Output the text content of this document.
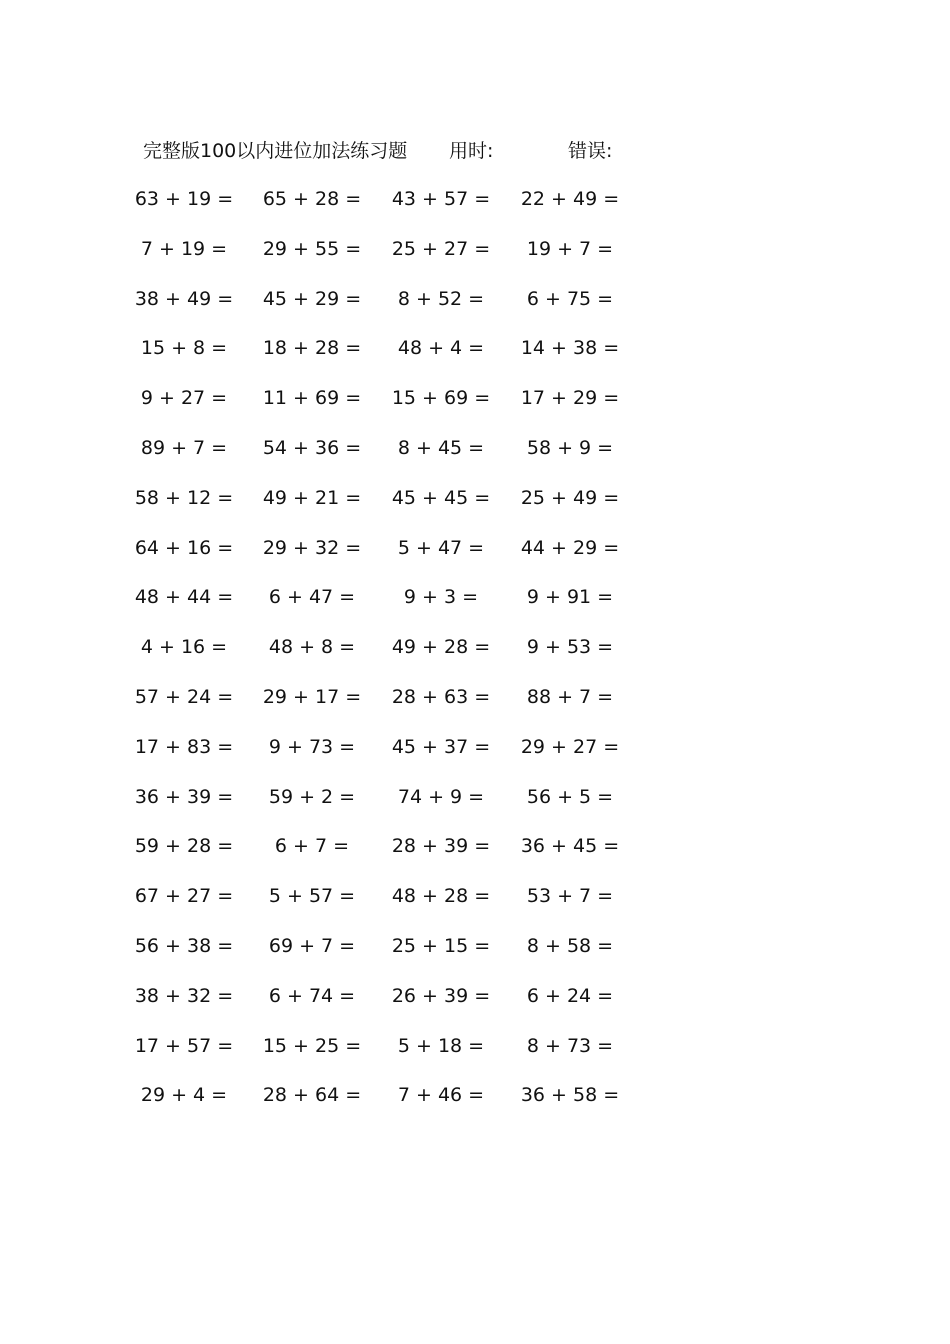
完整版100以内进位加法练习题 用时:	错误:
63 + 19 =	65 + 28 =	43 + 57 =	22 + 49 =
7 + 19 =	29 + 55 =	25 + 27 =	19 + 7 =
38 + 49 =	45 + 29 =	8 + 52 =	6 + 75 =
15 + 8 =	18 + 28 =	48 + 4 =	14 + 38 =
9 + 27 =	11 + 69 =	15 + 69 =	17 + 29 =
89 + 7 =	54 + 36 =	8 + 45 =	58 + 9 =
58 + 12 =	49 + 21 =	45 + 45 =	25 + 49 =
64 + 16 =	29 + 32 =	5 + 47 =	44 + 29 =
48 + 44 =	6 + 47 =	9 + 3 =	9 + 91 =
4 + 16 =	48 + 8 =	49 + 28 =	9 + 53 =
57 + 24 =	29 + 17 =	28 + 63 =	88 + 7 =
17 + 83 =	9 + 73 =	45 + 37 =	29 + 27 =
36 + 39 =	59 + 2 =	74 + 9 =	56 + 5 =
59 + 28 =	6 + 7 =	28 + 39 =	36 + 45 =
67 + 27 =	5 + 57 =	48 + 28 =	53 + 7 =
56 + 38 =	69 + 7 =	25 + 15 =	8 + 58 =
38 + 32 =	6 + 74 =	26 + 39 =	6 + 24 =
17 + 57 =	15 + 25 =	5 + 18 =	8 + 73 =
29 + 4 =	28 + 64 =	7 + 46 =	36 + 58 =
